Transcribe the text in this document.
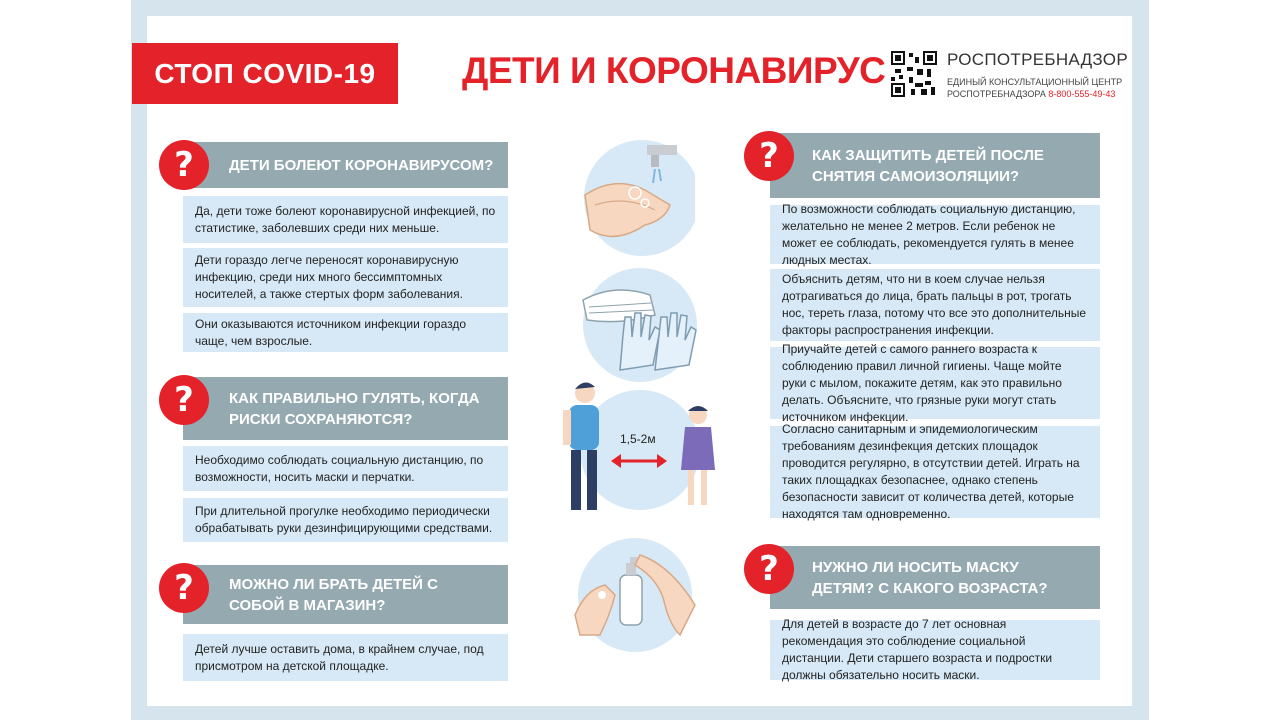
СТОП COVID-19 ДЕТИ И КОРОНАВИРУС	РОСПОТРЕБНАДЗОР
ЕДИНЫЙ КОНСУЛЬТАЦИОННЫЙ ЦЕНТР
РОСПОТРЕБНАДЗОРА 8-800-555-49-43
ДЕТИ БОЛЕЮТ КОРОНАВИРУСОМ?
?
Да, дети тоже болеют коронавирусной инфекцией, по статистике, заболевших среди них меньше.
Дети гораздо легче переносят коронавирусную инфекцию, среди них много бессимптомных носителей, а также стертых форм заболевания.
Они оказываются источником инфекции гораздо чаще, чем взрослые.
КАК ПРАВИЛЬНО ГУЛЯТЬ, КОГДА РИСКИ СОХРАНЯЮТСЯ?
?
Необходимо соблюдать социальную дистанцию, по возможности, носить маски и перчатки.
При длительной прогулке необходимо периодически обрабатывать руки дезинфицирующими средствами.
МОЖНО ЛИ БРАТЬ ДЕТЕЙ С СОБОЙ В МАГАЗИН?
?
Детей лучше оставить дома, в крайнем случае, под присмотром на детской площадке.
1,5-2м
КАК ЗАЩИТИТЬ ДЕТЕЙ ПОСЛЕ СНЯТИЯ САМОИЗОЛЯЦИИ?
?
По возможности соблюдать социальную дистанцию, желательно не менее 2 метров. Если ребенок не может ее соблюдать, рекомендуется гулять в менее людных местах.
Объяснить детям, что ни в коем случае нельзя дотрагиваться до лица, брать пальцы в рот, трогать нос, тереть глаза, потому что все это дополнительные факторы распространения инфекции.
Приучайте детей с самого раннего возраста к соблюдению правил личной гигиены. Чаще мойте руки с мылом, покажите детям, как это правильно делать. Объясните, что грязные руки могут стать источником инфекции.
Согласно санитарным и эпидемиологическим требованиям дезинфекция детских площадок проводится регулярно, в отсутствии детей. Играть на таких площадках безопаснее, однако степень безопасности зависит от количества детей, которые находятся там одновременно.
НУЖНО ЛИ НОСИТЬ МАСКУ ДЕТЯМ? С КАКОГО ВОЗРАСТА?
?
Для детей в возрасте до 7 лет основная рекомендация это соблюдение социальной дистанции. Дети старшего возраста и подростки должны обязательно носить маски.
